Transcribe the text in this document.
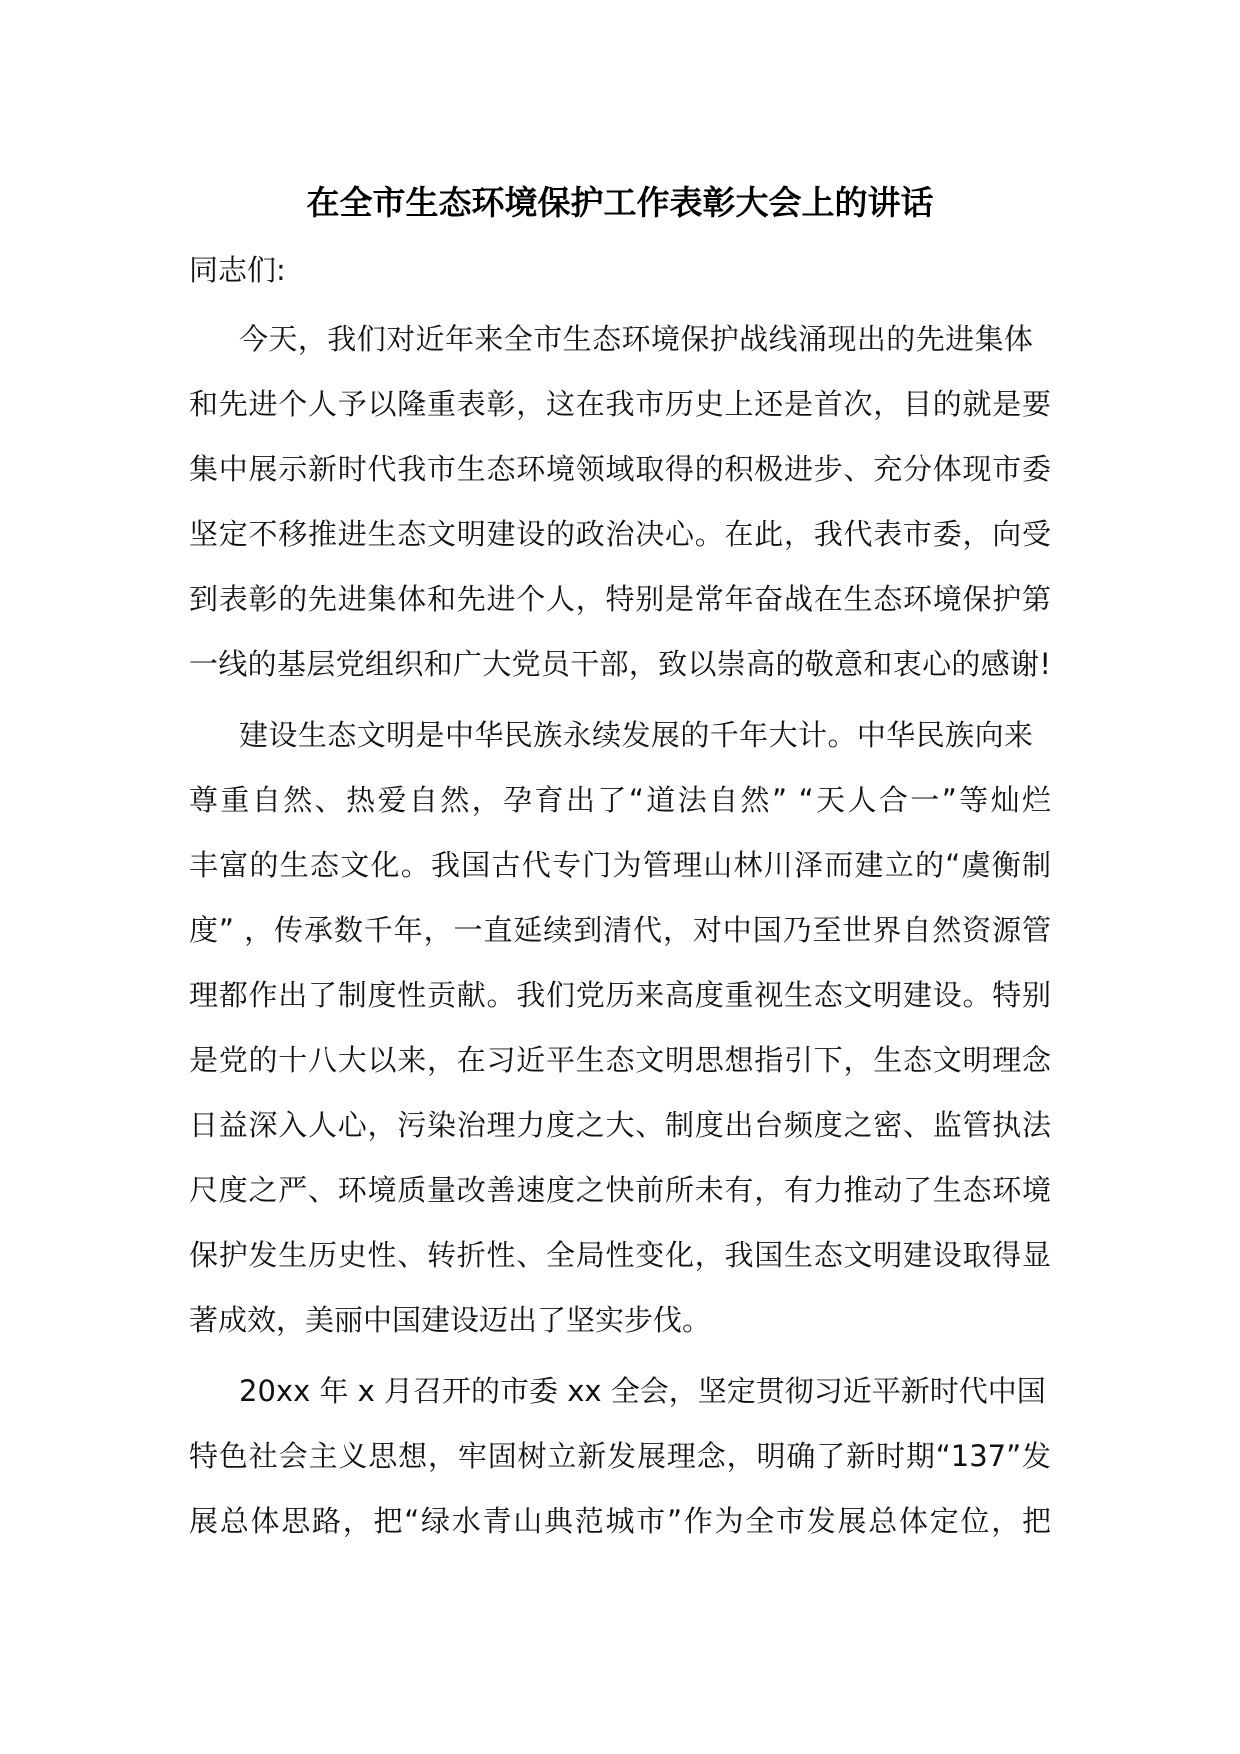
在全市生态环境保护工作表彰大会上的讲话
同志们:
今天，我们对近年来全市生态环境保护战线涌现出的先进集体
和先进个人予以隆重表彰，这在我市历史上还是首次，目的就是要
集中展示新时代我市生态环境领域取得的积极进步、充分体现市委
坚定不移推进生态文明建设的政治决心。在此，我代表市委，向受
到表彰的先进集体和先进个人，特别是常年奋战在生态环境保护第
一线的基层党组织和广大党员干部，致以崇高的敬意和衷心的感谢!
建设生态文明是中华民族永续发展的千年大计。中华民族向来
尊重自然、热爱自然，孕育出了“道法自然” “天人合一”等灿烂
丰富的生态文化。我国古代专门为管理山林川泽而建立的“虞衡制
度” ，传承数千年，一直延续到清代，对中国乃至世界自然资源管
理都作出了制度性贡献。我们党历来高度重视生态文明建设。特别
是党的十八大以来，在习近平生态文明思想指引下，生态文明理念
日益深入人心，污染治理力度之大、制度出台频度之密、监管执法
尺度之严、环境质量改善速度之快前所未有，有力推动了生态环境
保护发生历史性、转折性、全局性变化，我国生态文明建设取得显
著成效，美丽中国建设迈出了坚实步伐。
20xx 年 x 月召开的市委 xx 全会，坚定贯彻习近平新时代中国
特色社会主义思想，牢固树立新发展理念，明确了新时期“137”发
展总体思路，把“绿水青山典范城市”作为全市发展总体定位，把
